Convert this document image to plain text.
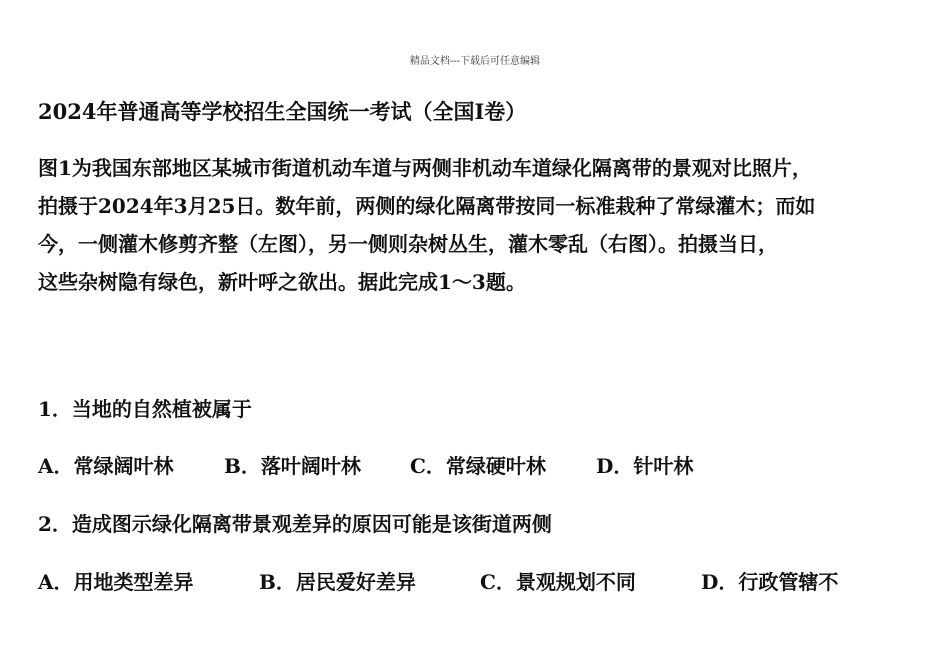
精品文档---下载后可任意编辑
2024年普通高等学校招生全国统一考试（全国Ⅰ卷）
图1为我国东部地区某城市街道机动车道与两侧非机动车道绿化隔离带的景观对比照片，
拍摄于2024年3月25日。数年前，两侧的绿化隔离带按同一标准栽种了常绿灌木；而如
今，一侧灌木修剪齐整（左图），另一侧则杂树丛生，灌木零乱（右图）。拍摄当日，
这些杂树隐有绿色，新叶呼之欲出。据此完成1～3题。
1．当地的自然植被属于
A．常绿阔叶林	B．落叶阔叶林 C．常绿硬叶林	D．针叶林
2．造成图示绿化隔离带景观差异的原因可能是该街道两侧
A．用地类型差异	B．居民爱好差异	C．景观规划不同	D．行政管辖不
